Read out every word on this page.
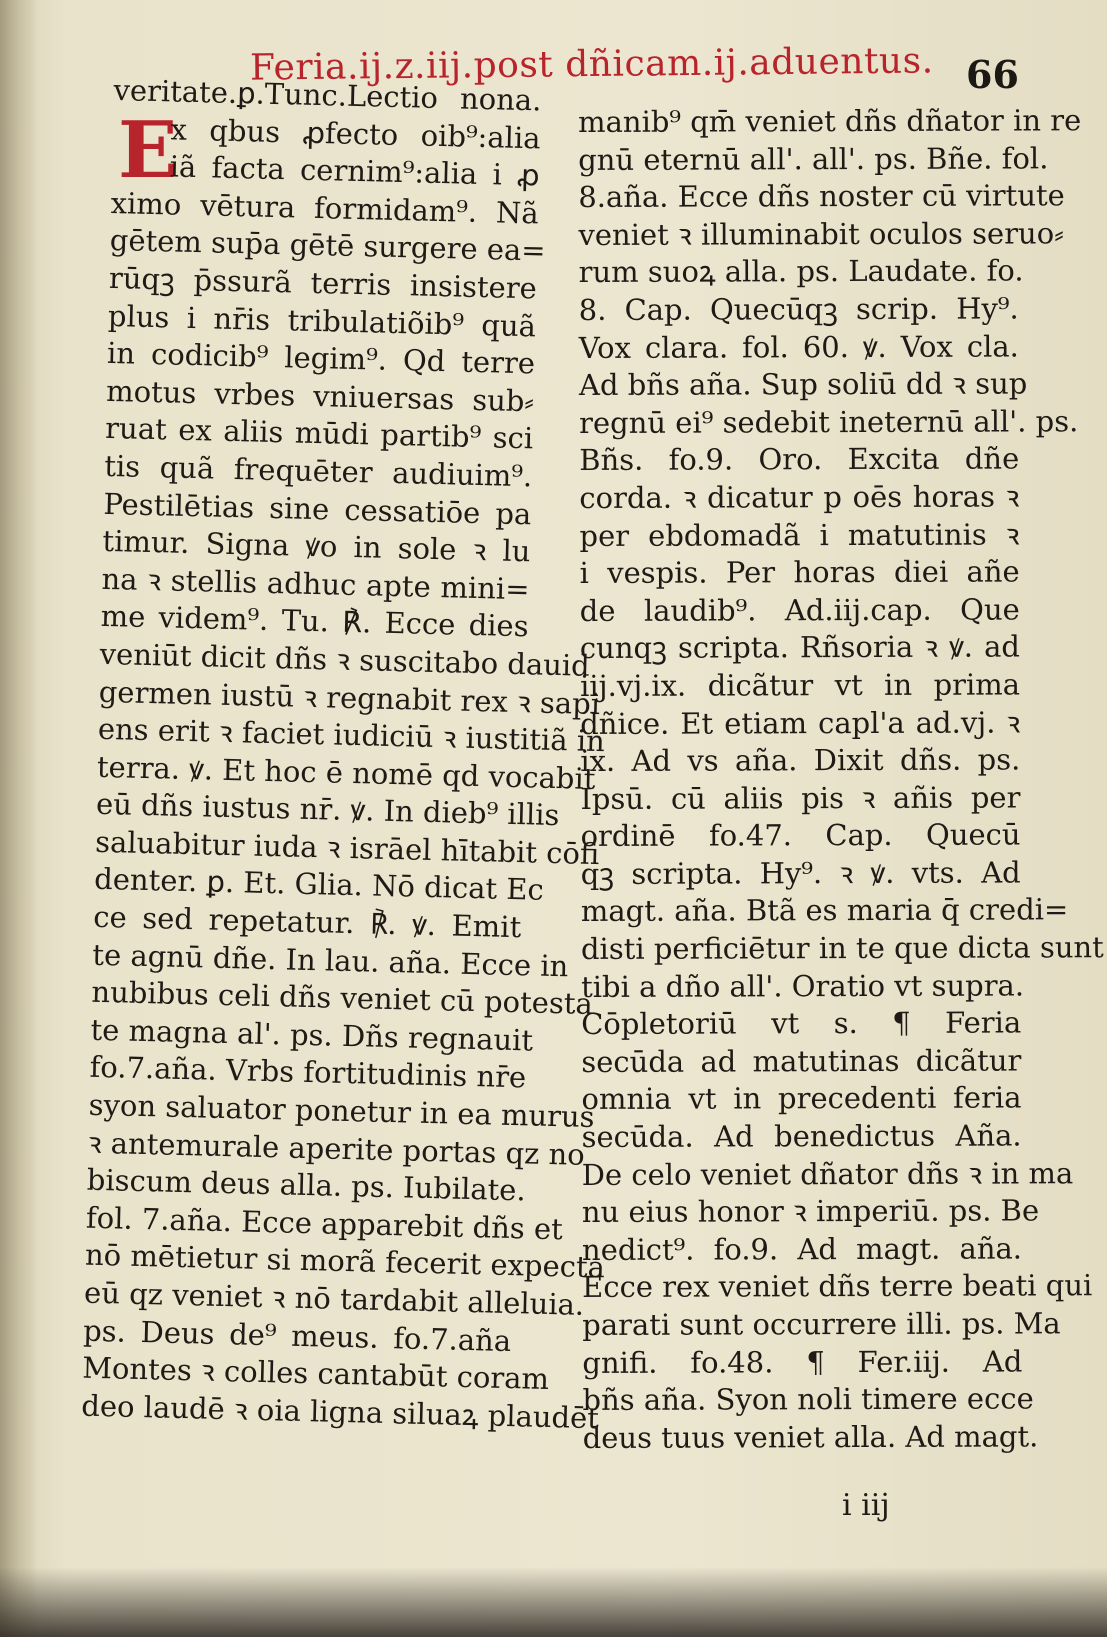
Feria.ij.z.iij.post dñicam.ij.aduentus. 66
E
veritate.ꝑ.Tunc.Lectio nona.
x qbus ꝓfecto oib⁹:alia
iã facta cernim⁹:alia i ꝓ
ximo vētura formidam⁹. Nã
gētem sup̄a gētē surgere ea=
rūqꝫ p̄ssurã terris insistere
plus i nr̄is tribulatiõib⁹ quã
in codicib⁹ legim⁹. Qd terre
motus vrbes vniuersas sub⸗
ruat ex aliis mūdi partib⁹ sci
tis quã frequēter audiuim⁹.
Pestilētias sine cessatiōe pa
timur. Signa ꝟo in sole ꝛ lu
na ꝛ stellis adhuc apte mini=
me videm⁹. Tu. ℟. Ecce dies
veniūt dicit dñs ꝛ suscitabo dauid
germen iustū ꝛ regnabit rex ꝛ sapi
ens erit ꝛ faciet iudiciū ꝛ iustitiã in
terra. ꝟ. Et hoc ē nomē qd vocabit
eū dñs iustus nr̄. ꝟ. In dieb⁹ illis
saluabitur iuda ꝛ isrāel hītabit cōfi
denter. ꝑ. Et. Glia. Nō dicat Ec
ce sed repetatur. ℟. ꝟ. Emit
te agnū dñe. In lau. añа. Ecce in
nubibus celi dñs veniet cū potesta
te magna al'. ps. Dñs regnauit
fo.7.añа. Vrbs fortitudinis nr̄e
syon saluator ponetur in ea murus
ꝛ antemurale aperite portas qz no
biscum deus alla. ps. Iubilate.
fol. 7.añа. Ecce apparebit dñs et
nō mētietur si morã fecerit expecta
eū qz veniet ꝛ nō tardabit alleluia.
ps. Deus de⁹ meus. fo.7.aña
Montes ꝛ colles cantabūt coram
deo laudē ꝛ oia ligna siluaꝝ plaudēt
manib⁹ qm̄ veniet dñs dñator in re
gnū eternū all'. all'. ps. Bñe. fol.
8.añа. Ecce dñs noster cū virtute
veniet ꝛ illuminabit oculos seruo⸗
rum suoꝝ alla. ps. Laudate. fo.
8. Cap. Quecūqꝫ scrip. Hy⁹.
Vox clara. fol. 60. ꝟ. Vox cla.
Ad bñs añа. Sup soliū dd ꝛ sup
regnū ei⁹ sedebit ineternū all'. ps.
Bñs. fo.9. Oro. Excita dñe
corda. ꝛ dicatur p oēs horas ꝛ
per ebdomadã i matutinis ꝛ
i vespis. Per horas diei añе
de laudib⁹. Ad.iij.cap. Que
cunqꝫ scripta. Rñsoria ꝛ ꝟ. ad
iij.vj.ix. dicãtur vt in prima
dñice. Et etiam capl'a ad.vj. ꝛ
ix. Ad vs añа. Dixit dñs. ps.
Ipsū. cū aliis pis ꝛ añis per
ordinē fo.47. Cap. Quecū
qꝫ scripta. Hy⁹. ꝛ ꝟ. vts. Ad
magt. añа. Btã es maria q̄ credi=
disti perficiētur in te que dicta sunt
tibi a dño all'. Oratio vt supra.
Cōpletoriū vt s. ¶ Feria
secūda ad matutinas dicãtur
omnia vt in precedenti feria
secūda. Ad benedictus Añа.
De celo veniet dñator dñs ꝛ in ma
nu eius honor ꝛ imperiū. ps. Be
nedict⁹. fo.9. Ad magt. añа.
Ecce rex veniet dñs terre beati qui
parati sunt occurrere illi. ps. Ma
gnifi. fo.48. ¶ Fer.iij. Ad
bñs añа. Syon noli timere ecce
deus tuus veniet alla. Ad magt.
i iij
